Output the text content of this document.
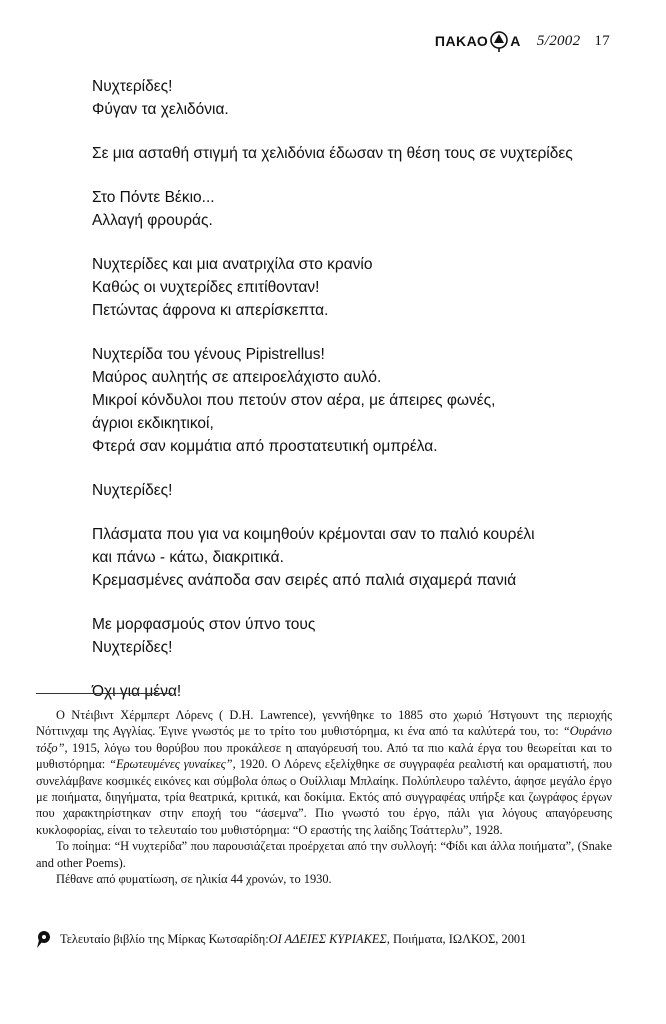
ΠΑΚΑΟ Α 5/2002 17
Νυχτερίδες!
Φύγαν τα χελιδόνια.
Σε μια ασταθή στιγμή τα χελιδόνια έδωσαν τη θέση τους σε νυχτερίδες
Στο Πόντε Βέκιο...
Αλλαγή φρουράς.
Νυχτερίδες και μια ανατριχίλα στο κρανίο
Καθώς οι νυχτερίδες επιτίθονταν!
Πετώντας άφρονα κι απερίσκεπτα.
Νυχτερίδα του γένους Pipistrellus!
Μαύρος αυλητής σε απειροελάχιστο αυλό.
Μικροί κόνδυλοι που πετούν στον αέρα, με άπειρες φωνές,
άγριοι εκδικητικοί,
Φτερά σαν κομμάτια από προστατευτική ομπρέλα.
Νυχτερίδες!
Πλάσματα που για να κοιμηθούν κρέμονται σαν το παλιό κουρέλι
και πάνω - κάτω, διακριτικά.
Κρεμασμένες ανάποδα σαν σειρές από παλιά σιχαμερά πανιά
Με μορφασμούς στον ύπνο τους
Νυχτερίδες!
Όχι για μένα!

Ο Ντέιβιντ Χέρμπερτ Λόρενς ( D.H. Lawrence), γεννήθηκε το 1885 στο χωριό Ήστγουντ της περιοχής Νόττινχαμ της Αγγλίας. Έγινε γνωστός με το τρίτο του μυθιστόρημα, κι ένα από τα καλύτερά του, το: “Ουράνιο τόξο”, 1915, λόγω του θορύβου που προκάλεσε η απαγόρευσή του. Από τα πιο καλά έργα του θεωρείται και το μυθιστόρημα: “Ερωτευμένες γυναίκες”, 1920. Ο Λόρενς εξελίχθηκε σε συγγραφέα ρεαλιστή και οραματιστή, που συνελάμβανε κοσμικές εικόνες και σύμβολα όπως ο Ουίλλιαμ Μπλαίηκ. Πολύπλευρο ταλέντο, άφησε μεγάλο έργο με ποιήματα, διηγήματα, τρία θεατρικά, κριτικά, και δοκίμια. Εκτός από συγγραφέας υπήρξε και ζωγράφος έργων που χαρακτηρίστηκαν στην εποχή του “άσεμνα”. Πιο γνωστό του έργο, πάλι για λόγους απαγόρευσης κυκλοφορίας, είναι το τελευταίο του μυθιστόρημα: “Ο εραστής της λαίδης Τσάττερλυ”, 1928.

Το ποίημα: “Η νυχτερίδα” που παρουσιάζεται προέρχεται από την συλλογή: “Φίδι και άλλα ποιήματα”, (Snake and other Poems).

Πέθανε από φυματίωση, σε ηλικία 44 χρονών, το 1930.

Τελευταίο βιβλίο της Μίρκας Κωτσαρίδη: ΟΙ ΑΔΕΙΕΣ ΚΥΡΙΑΚΕΣ , Ποιήματα, ΙΩΛΚΟΣ, 2001
